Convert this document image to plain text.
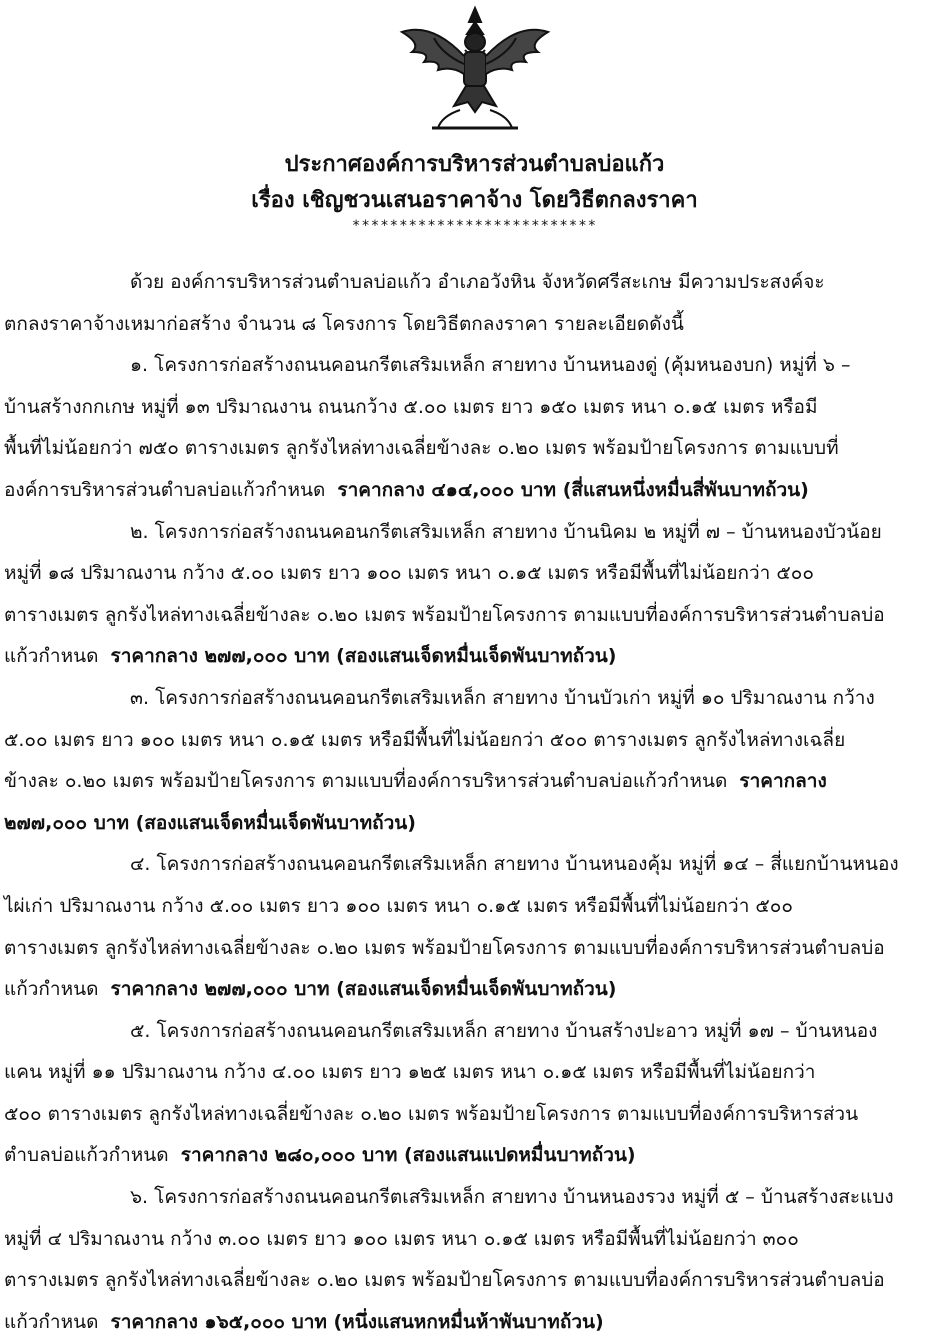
ประกาศองค์การบริหารส่วนตำบลบ่อแก้ว
เรื่อง เชิญชวนเสนอราคาจ้าง โดยวิธีตกลงราคา
**************************
ด้วย องค์การบริหารส่วนตำบลบ่อแก้ว อำเภอวังหิน จังหวัดศรีสะเกษ มีความประสงค์จะ
ตกลงราคาจ้างเหมาก่อสร้าง จำนวน ๘ โครงการ โดยวิธีตกลงราคา รายละเอียดดังนี้
๑. โครงการก่อสร้างถนนคอนกรีตเสริมเหล็ก สายทาง บ้านหนองดู่ (คุ้มหนองบก) หมู่ที่ ๖ –
บ้านสร้างกกเกษ หมู่ที่ ๑๓ ปริมาณงาน ถนนกว้าง ๕.๐๐ เมตร ยาว ๑๕๐ เมตร หนา ๐.๑๕ เมตร หรือมี
พื้นที่ไม่น้อยกว่า ๗๕๐ ตารางเมตร ลูกรังไหล่ทางเฉลี่ยข้างละ ๐.๒๐ เมตร พร้อมป้ายโครงการ ตามแบบที่
องค์การบริหารส่วนตำบลบ่อแก้วกำหนด ราคากลาง ๔๑๔,๐๐๐ บาท (สี่แสนหนึ่งหมื่นสี่พันบาทถ้วน)
๒. โครงการก่อสร้างถนนคอนกรีตเสริมเหล็ก สายทาง บ้านนิคม ๒ หมู่ที่ ๗ – บ้านหนองบัวน้อย
หมู่ที่ ๑๘ ปริมาณงาน กว้าง ๕.๐๐ เมตร ยาว ๑๐๐ เมตร หนา ๐.๑๕ เมตร หรือมีพื้นที่ไม่น้อยกว่า ๕๐๐
ตารางเมตร ลูกรังไหล่ทางเฉลี่ยข้างละ ๐.๒๐ เมตร พร้อมป้ายโครงการ ตามแบบที่องค์การบริหารส่วนตำบลบ่อ
แก้วกำหนด ราคากลาง ๒๗๗,๐๐๐ บาท (สองแสนเจ็ดหมื่นเจ็ดพันบาทถ้วน)
๓. โครงการก่อสร้างถนนคอนกรีตเสริมเหล็ก สายทาง บ้านบัวเก่า หมู่ที่ ๑๐ ปริมาณงาน กว้าง
๕.๐๐ เมตร ยาว ๑๐๐ เมตร หนา ๐.๑๕ เมตร หรือมีพื้นที่ไม่น้อยกว่า ๕๐๐ ตารางเมตร ลูกรังไหล่ทางเฉลี่ย
ข้างละ ๐.๒๐ เมตร พร้อมป้ายโครงการ ตามแบบที่องค์การบริหารส่วนตำบลบ่อแก้วกำหนด ราคากลาง
๒๗๗,๐๐๐ บาท (สองแสนเจ็ดหมื่นเจ็ดพันบาทถ้วน)
๔. โครงการก่อสร้างถนนคอนกรีตเสริมเหล็ก สายทาง บ้านหนองคุ้ม หมู่ที่ ๑๔ – สี่แยกบ้านหนอง
ไผ่เก่า ปริมาณงาน กว้าง ๕.๐๐ เมตร ยาว ๑๐๐ เมตร หนา ๐.๑๕ เมตร หรือมีพื้นที่ไม่น้อยกว่า ๕๐๐
ตารางเมตร ลูกรังไหล่ทางเฉลี่ยข้างละ ๐.๒๐ เมตร พร้อมป้ายโครงการ ตามแบบที่องค์การบริหารส่วนตำบลบ่อ
แก้วกำหนด ราคากลาง ๒๗๗,๐๐๐ บาท (สองแสนเจ็ดหมื่นเจ็ดพันบาทถ้วน)
๕. โครงการก่อสร้างถนนคอนกรีตเสริมเหล็ก สายทาง บ้านสร้างปะอาว หมู่ที่ ๑๗ – บ้านหนอง
แคน หมู่ที่ ๑๑ ปริมาณงาน กว้าง ๔.๐๐ เมตร ยาว ๑๒๕ เมตร หนา ๐.๑๕ เมตร หรือมีพื้นที่ไม่น้อยกว่า
๕๐๐ ตารางเมตร ลูกรังไหล่ทางเฉลี่ยข้างละ ๐.๒๐ เมตร พร้อมป้ายโครงการ ตามแบบที่องค์การบริหารส่วน
ตำบลบ่อแก้วกำหนด ราคากลาง ๒๘๐,๐๐๐ บาท (สองแสนแปดหมื่นบาทถ้วน)
๖. โครงการก่อสร้างถนนคอนกรีตเสริมเหล็ก สายทาง บ้านหนองรวง หมู่ที่ ๕ – บ้านสร้างสะแบง
หมู่ที่ ๔ ปริมาณงาน กว้าง ๓.๐๐ เมตร ยาว ๑๐๐ เมตร หนา ๐.๑๕ เมตร หรือมีพื้นที่ไม่น้อยกว่า ๓๐๐
ตารางเมตร ลูกรังไหล่ทางเฉลี่ยข้างละ ๐.๒๐ เมตร พร้อมป้ายโครงการ ตามแบบที่องค์การบริหารส่วนตำบลบ่อ
แก้วกำหนด ราคากลาง ๑๖๕,๐๐๐ บาท (หนึ่งแสนหกหมื่นห้าพันบาทถ้วน)
